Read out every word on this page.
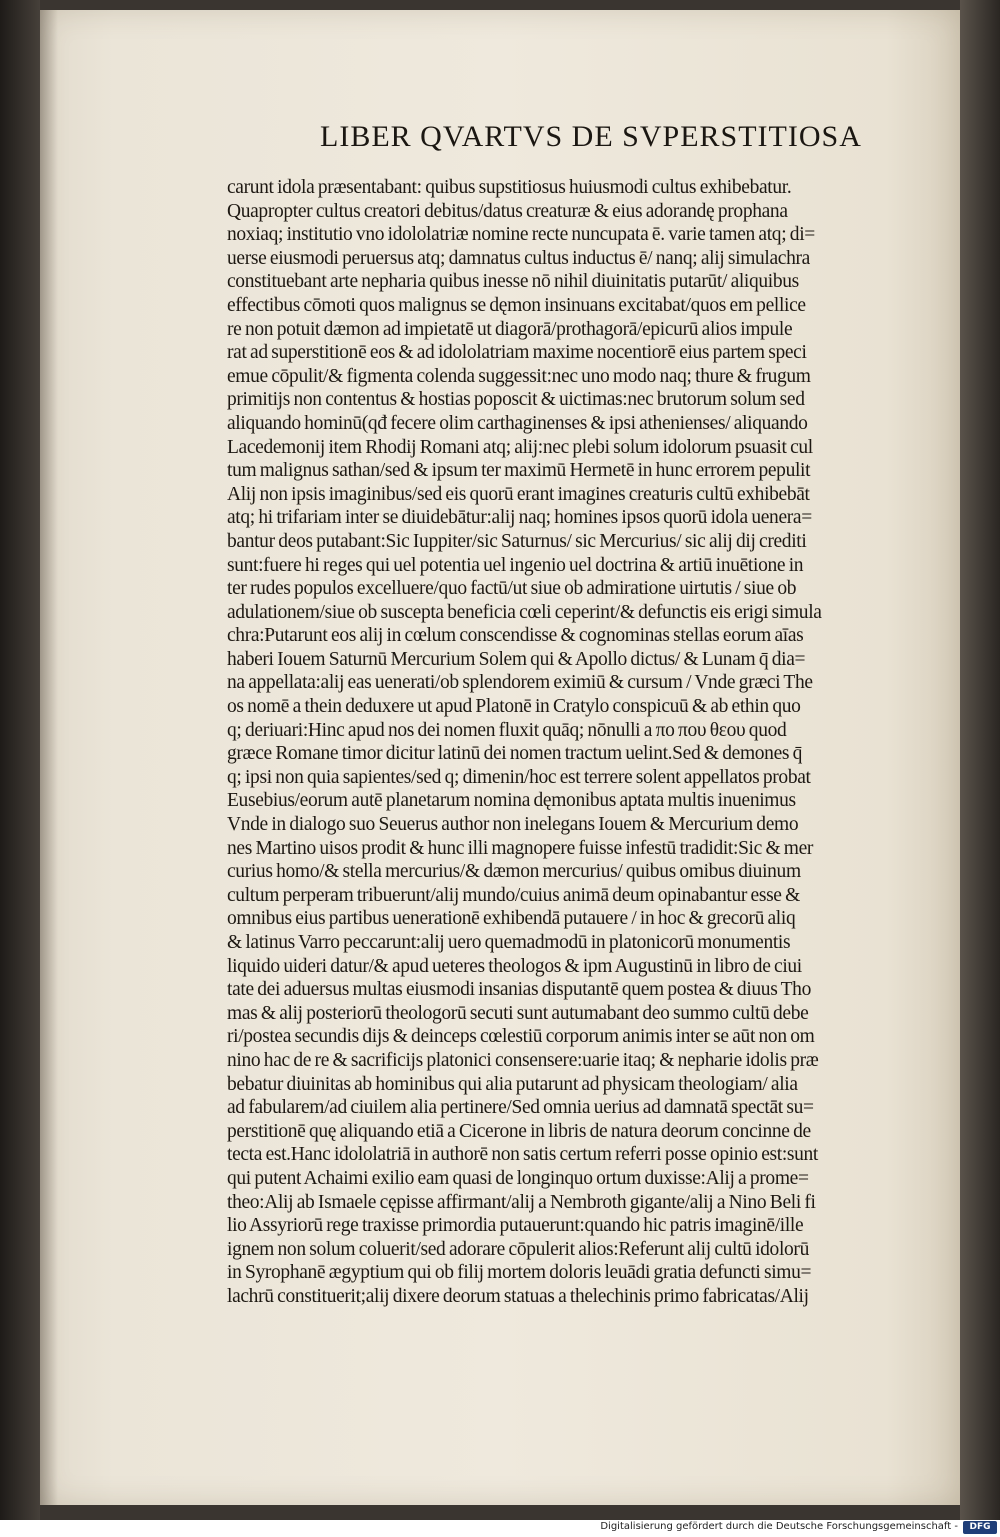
LIBER QVARTVS DE SVPERSTITIOSA
carunt idola præsentabant: quibus supstitiosus huiusmodi cultus exhibebatur.
Quapropter cultus creatori debitus/datus creaturæ & eius adorandę prophana
noxiaq; institutio vno idololatriæ nomine recte nuncupata ē. varie tamen atq; di=
uerse eiusmodi peruersus atq; damnatus cultus inductus ē/ nanq; alij simulachra
constituebant arte nepharia quibus inesse nō nihil diuinitatis putarūt/ aliquibus
effectibus cōmoti quos malignus se dęmon insinuans excitabat/quos em pellice
re non potuit dæmon ad impietatē ut diagorā/prothagorā/epicurū alios impule
rat ad superstitionē eos & ad idololatriam maxime nocentiorē eius partem speci
emue cōpulit/& figmenta colenda suggessit:nec uno modo naq; thure & frugum
primitijs non contentus & hostias poposcit & uictimas:nec brutorum solum sed
aliquando hominū(qđ fecere olim carthaginenses & ipsi athenienses/ aliquando
Lacedemonij item Rhodij Romani atq; alij:nec plebi solum idolorum psuasit cul
tum malignus sathan/sed & ipsum ter maximū Hermetē in hunc errorem pepulit
Alij non ipsis imaginibus/sed eis quorū erant imagines creaturis cultū exhibebāt
atq; hi trifariam inter se diuidebātur:alij naq; homines ipsos quorū idola uenera=
bantur deos putabant:Sic Iuppiter/sic Saturnus/ sic Mercurius/ sic alij dij crediti
sunt:fuere hi reges qui uel potentia uel ingenio uel doctrina & artiū inuētione in
ter rudes populos excelluere/quo factū/ut siue ob admiratione uirtutis / siue ob
adulationem/siue ob suscepta beneficia cœli ceperint/& defunctis eis erigi simula
chra:Putarunt eos alij in cœlum conscendisse & cognominas stellas eorum aīas
haberi Iouem Saturnū Mercurium Solem qui & Apollo dictus/ & Lunam q̄ dia=
na appellata:alij eas uenerati/ob splendorem eximiū & cursum / Vnde græci The
os nomē a thein deduxere ut apud Platonē in Cratylo conspicuū & ab ethin quo
q; deriuari:Hinc apud nos dei nomen fluxit quāq; nōnulli a πο που θεου quod
græce Romane timor dicitur latinū dei nomen tractum uelint.Sed & demones q̄
q; ipsi non quia sapientes/sed q; dimenin/hoc est terrere solent appellatos probat
Eusebius/eorum autē planetarum nomina dęmonibus aptata multis inuenimus
Vnde in dialogo suo Seuerus author non inelegans Iouem & Mercurium demo
nes Martino uisos prodit & hunc illi magnopere fuisse infestū tradidit:Sic & mer
curius homo/& stella mercurius/& dæmon mercurius/ quibus omibus diuinum
cultum perperam tribuerunt/alij mundo/cuius animā deum opinabantur esse &
omnibus eius partibus uenerationē exhibendā putauere / in hoc & grecorū aliq
& latinus Varro peccarunt:alij uero quemadmodū in platonicorū monumentis
liquido uideri datur/& apud ueteres theologos & ipm Augustinū in libro de ciui
tate dei aduersus multas eiusmodi insanias disputantē quem postea & diuus Tho
mas & alij posteriorū theologorū secuti sunt autumabant deo summo cultū debe
ri/postea secundis dijs & deinceps cœlestiū corporum animis inter se aūt non om
nino hac de re & sacrificijs platonici consensere:uarie itaq; & nepharie idolis præ
bebatur diuinitas ab hominibus qui alia putarunt ad physicam theologiam/ alia
ad fabularem/ad ciuilem alia pertinere/Sed omnia uerius ad damnatā spectāt su=
perstitionē quę aliquando etiā a Cicerone in libris de natura deorum concinne de
tecta est.Hanc idololatriā in authorē non satis certum referri posse opinio est:sunt
qui putent Achaimi exilio eam quasi de longinquo ortum duxisse:Alij a prome=
theo:Alij ab Ismaele cępisse affirmant/alij a Nembroth gigante/alij a Nino Beli fi
lio Assyriorū rege traxisse primordia putauerunt:quando hic patris imaginē/ille
ignem non solum coluerit/sed adorare cōpulerit alios:Referunt alij cultū idolorū
in Syrophanē ægyptium qui ob filij mortem doloris leuādi gratia defuncti simu=
lachrū constituerit;alij dixere deorum statuas a thelechinis primo fabricatas/Alij
Digitalisierung gefördert durch die Deutsche Forschungsgemeinschaft -	DFG
